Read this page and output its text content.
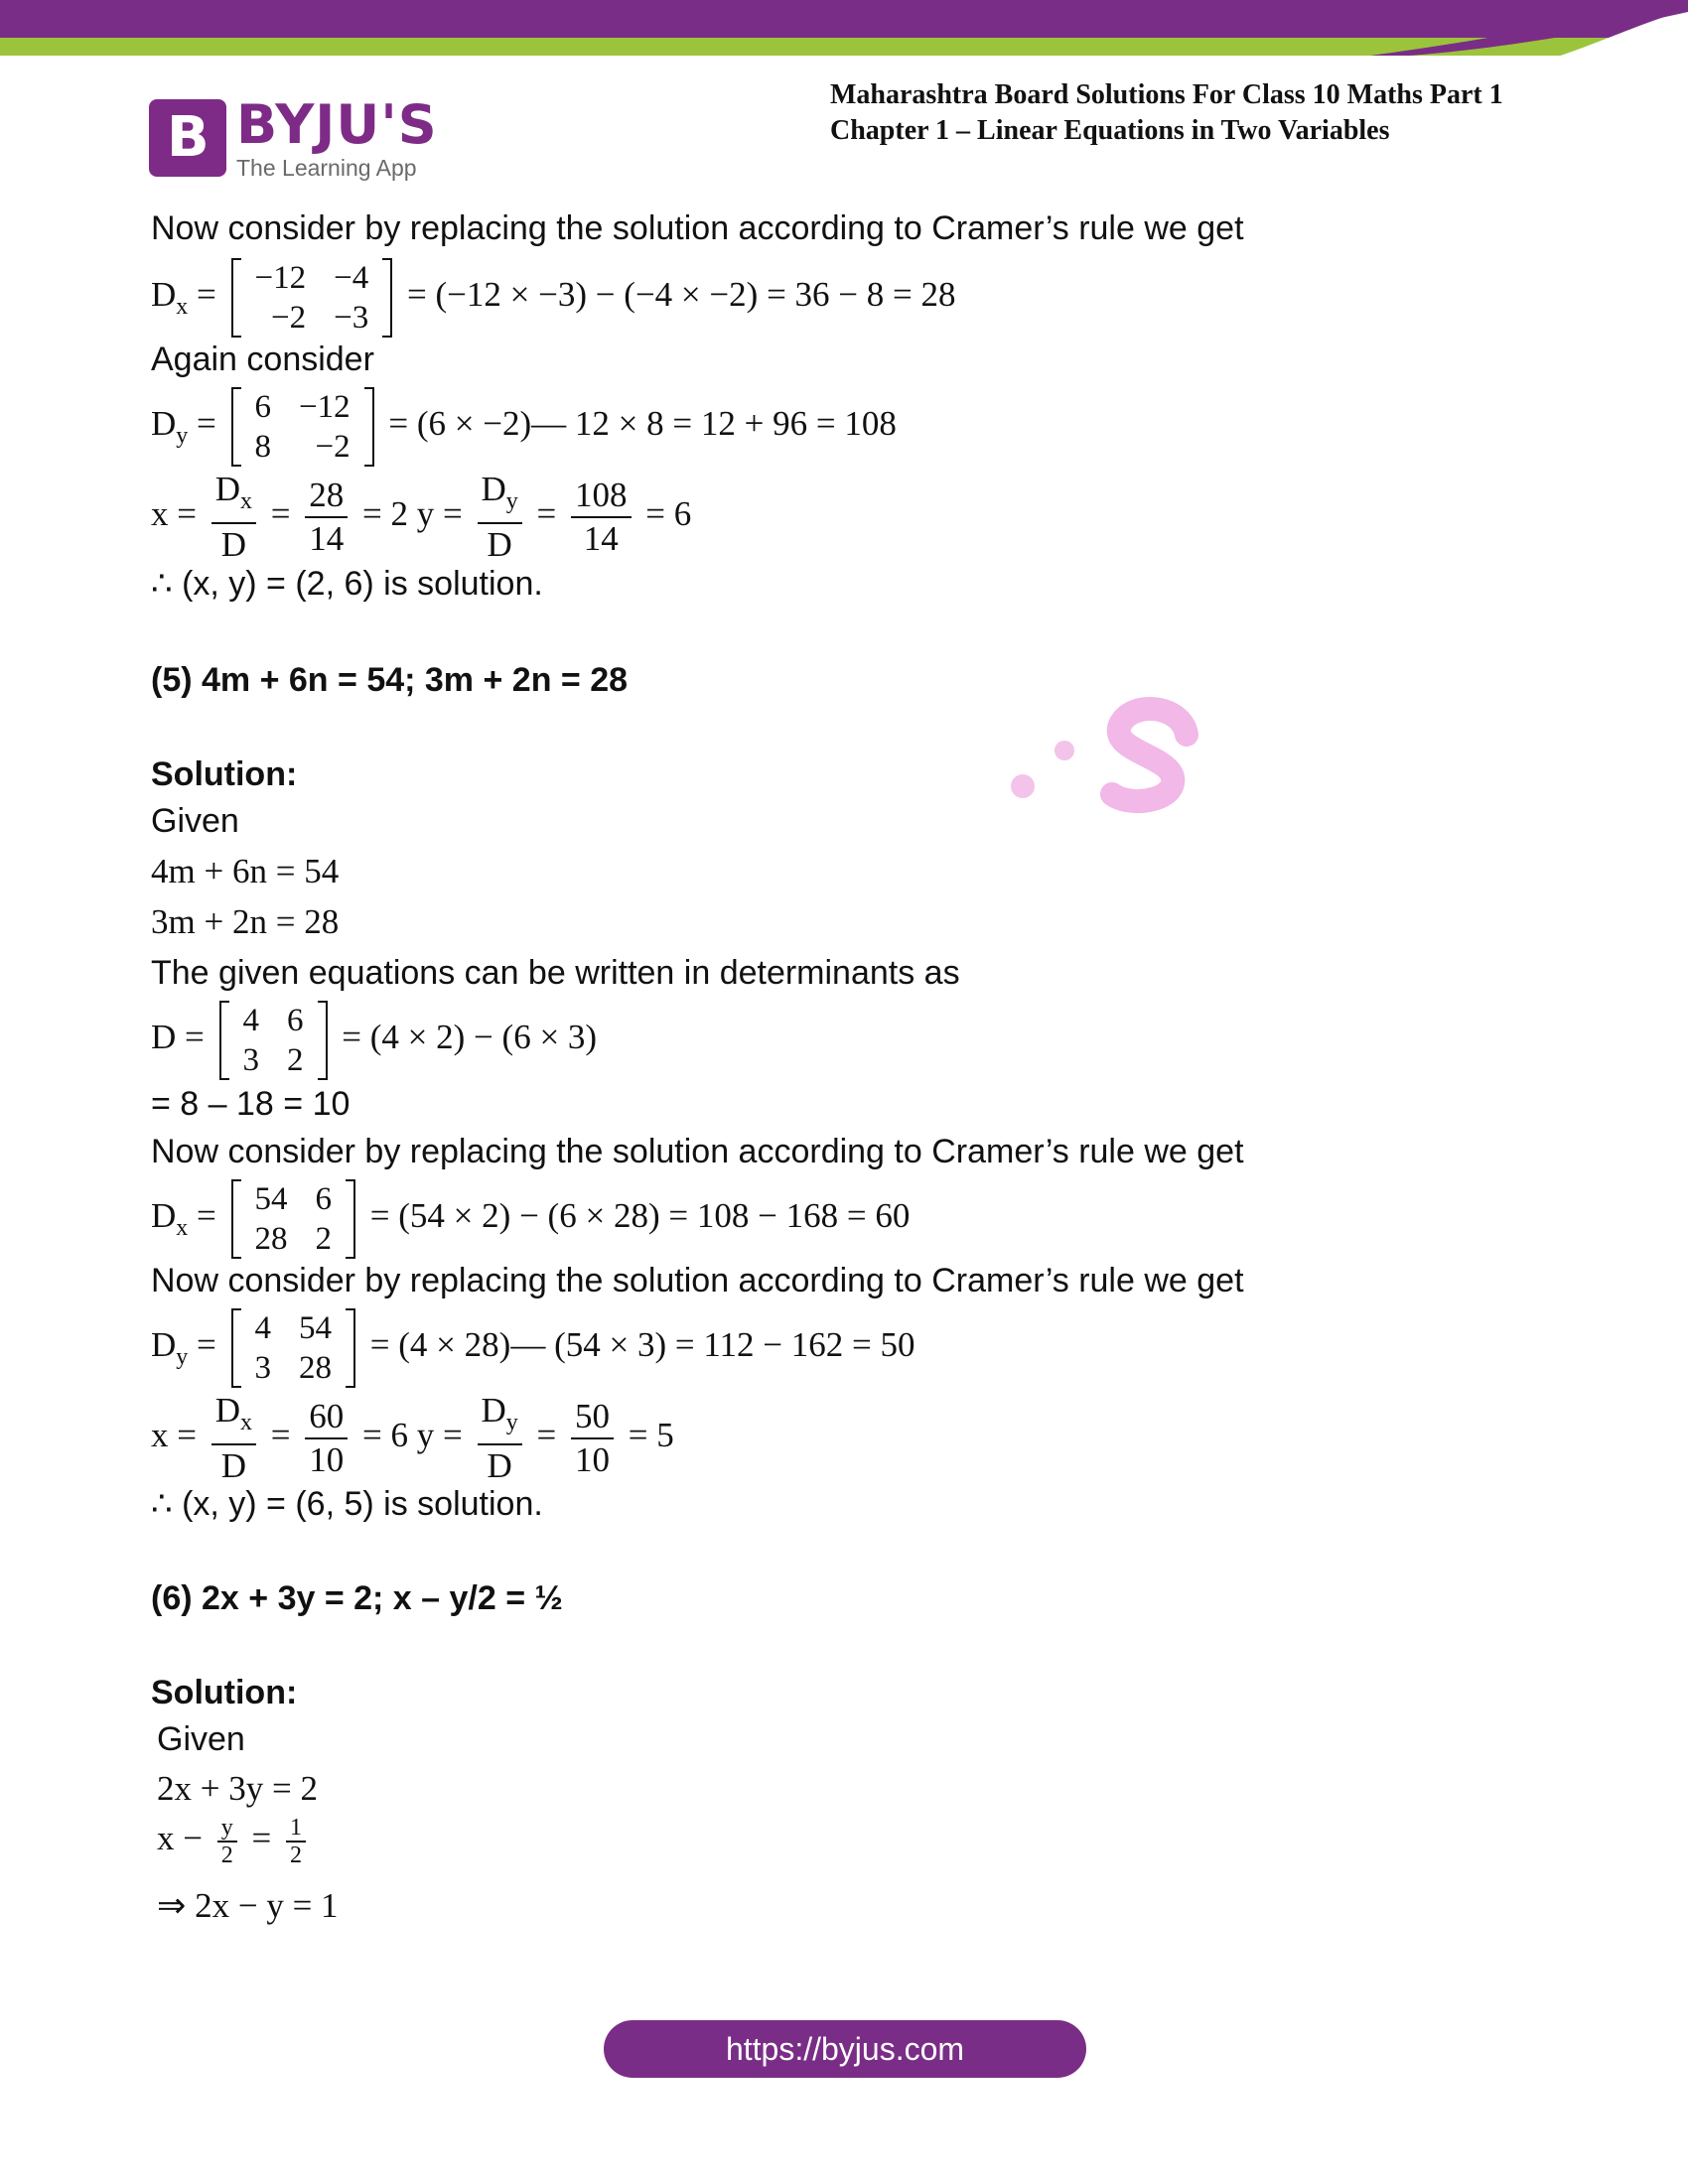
B BYJU'S
The Learning App
Maharashtra Board Solutions For Class 10 Maths Part 1
Chapter 1 – Linear Equations in Two Variables
Now consider by replacing the solution according to Cramer’s rule we get
$D_x = -12$	−4
−2	−3
= (−12 × −3) − (−4 × −2) = 36 − 8 = 28
Again consider
$D_y = 6$	−12
8	−2
= (6 × −2)— 12 × 8 = 12 + 96 = 108
$x = \frac{D_x}{D} = \frac{28}{14} = 2$ $y = \frac{D_y}{D} = \frac{108}{14} = 6$
∴ (x, y) = (2, 6) is solution.
(5) 4m + 6n = 54; 3m + 2n = 28
Solution:
Given
4m + 6n = 54
3m + 2n = 28
The given equations can be written in determinants as
D = 4	6
3	2
= (4 × 2) − (6 × 3)
= 8 – 18 = 10
Now consider by replacing the solution according to Cramer’s rule we get
$D_x = 54$	6
28	2
= (54 × 2) − (6 × 28) = 108 − 168 = 60
Now consider by replacing the solution according to Cramer’s rule we get
$D_y = 4$	54
3	28
= (4 × 28)— (54 × 3) = 112 − 162 = 50
$x = \frac{D_x}{D} = \frac{60}{10} = 6$ $y = \frac{D_y}{D} = \frac{50}{10} = 5$
∴ (x, y) = (6, 5) is solution.
(6) 2x + 3y = 2; x – y/2 = ½
Solution:
Given
2x + 3y = 2
$x - \frac{y}{2} = \frac{1}{2}$
⇒ 2x − y = 1
https://byjus.com
